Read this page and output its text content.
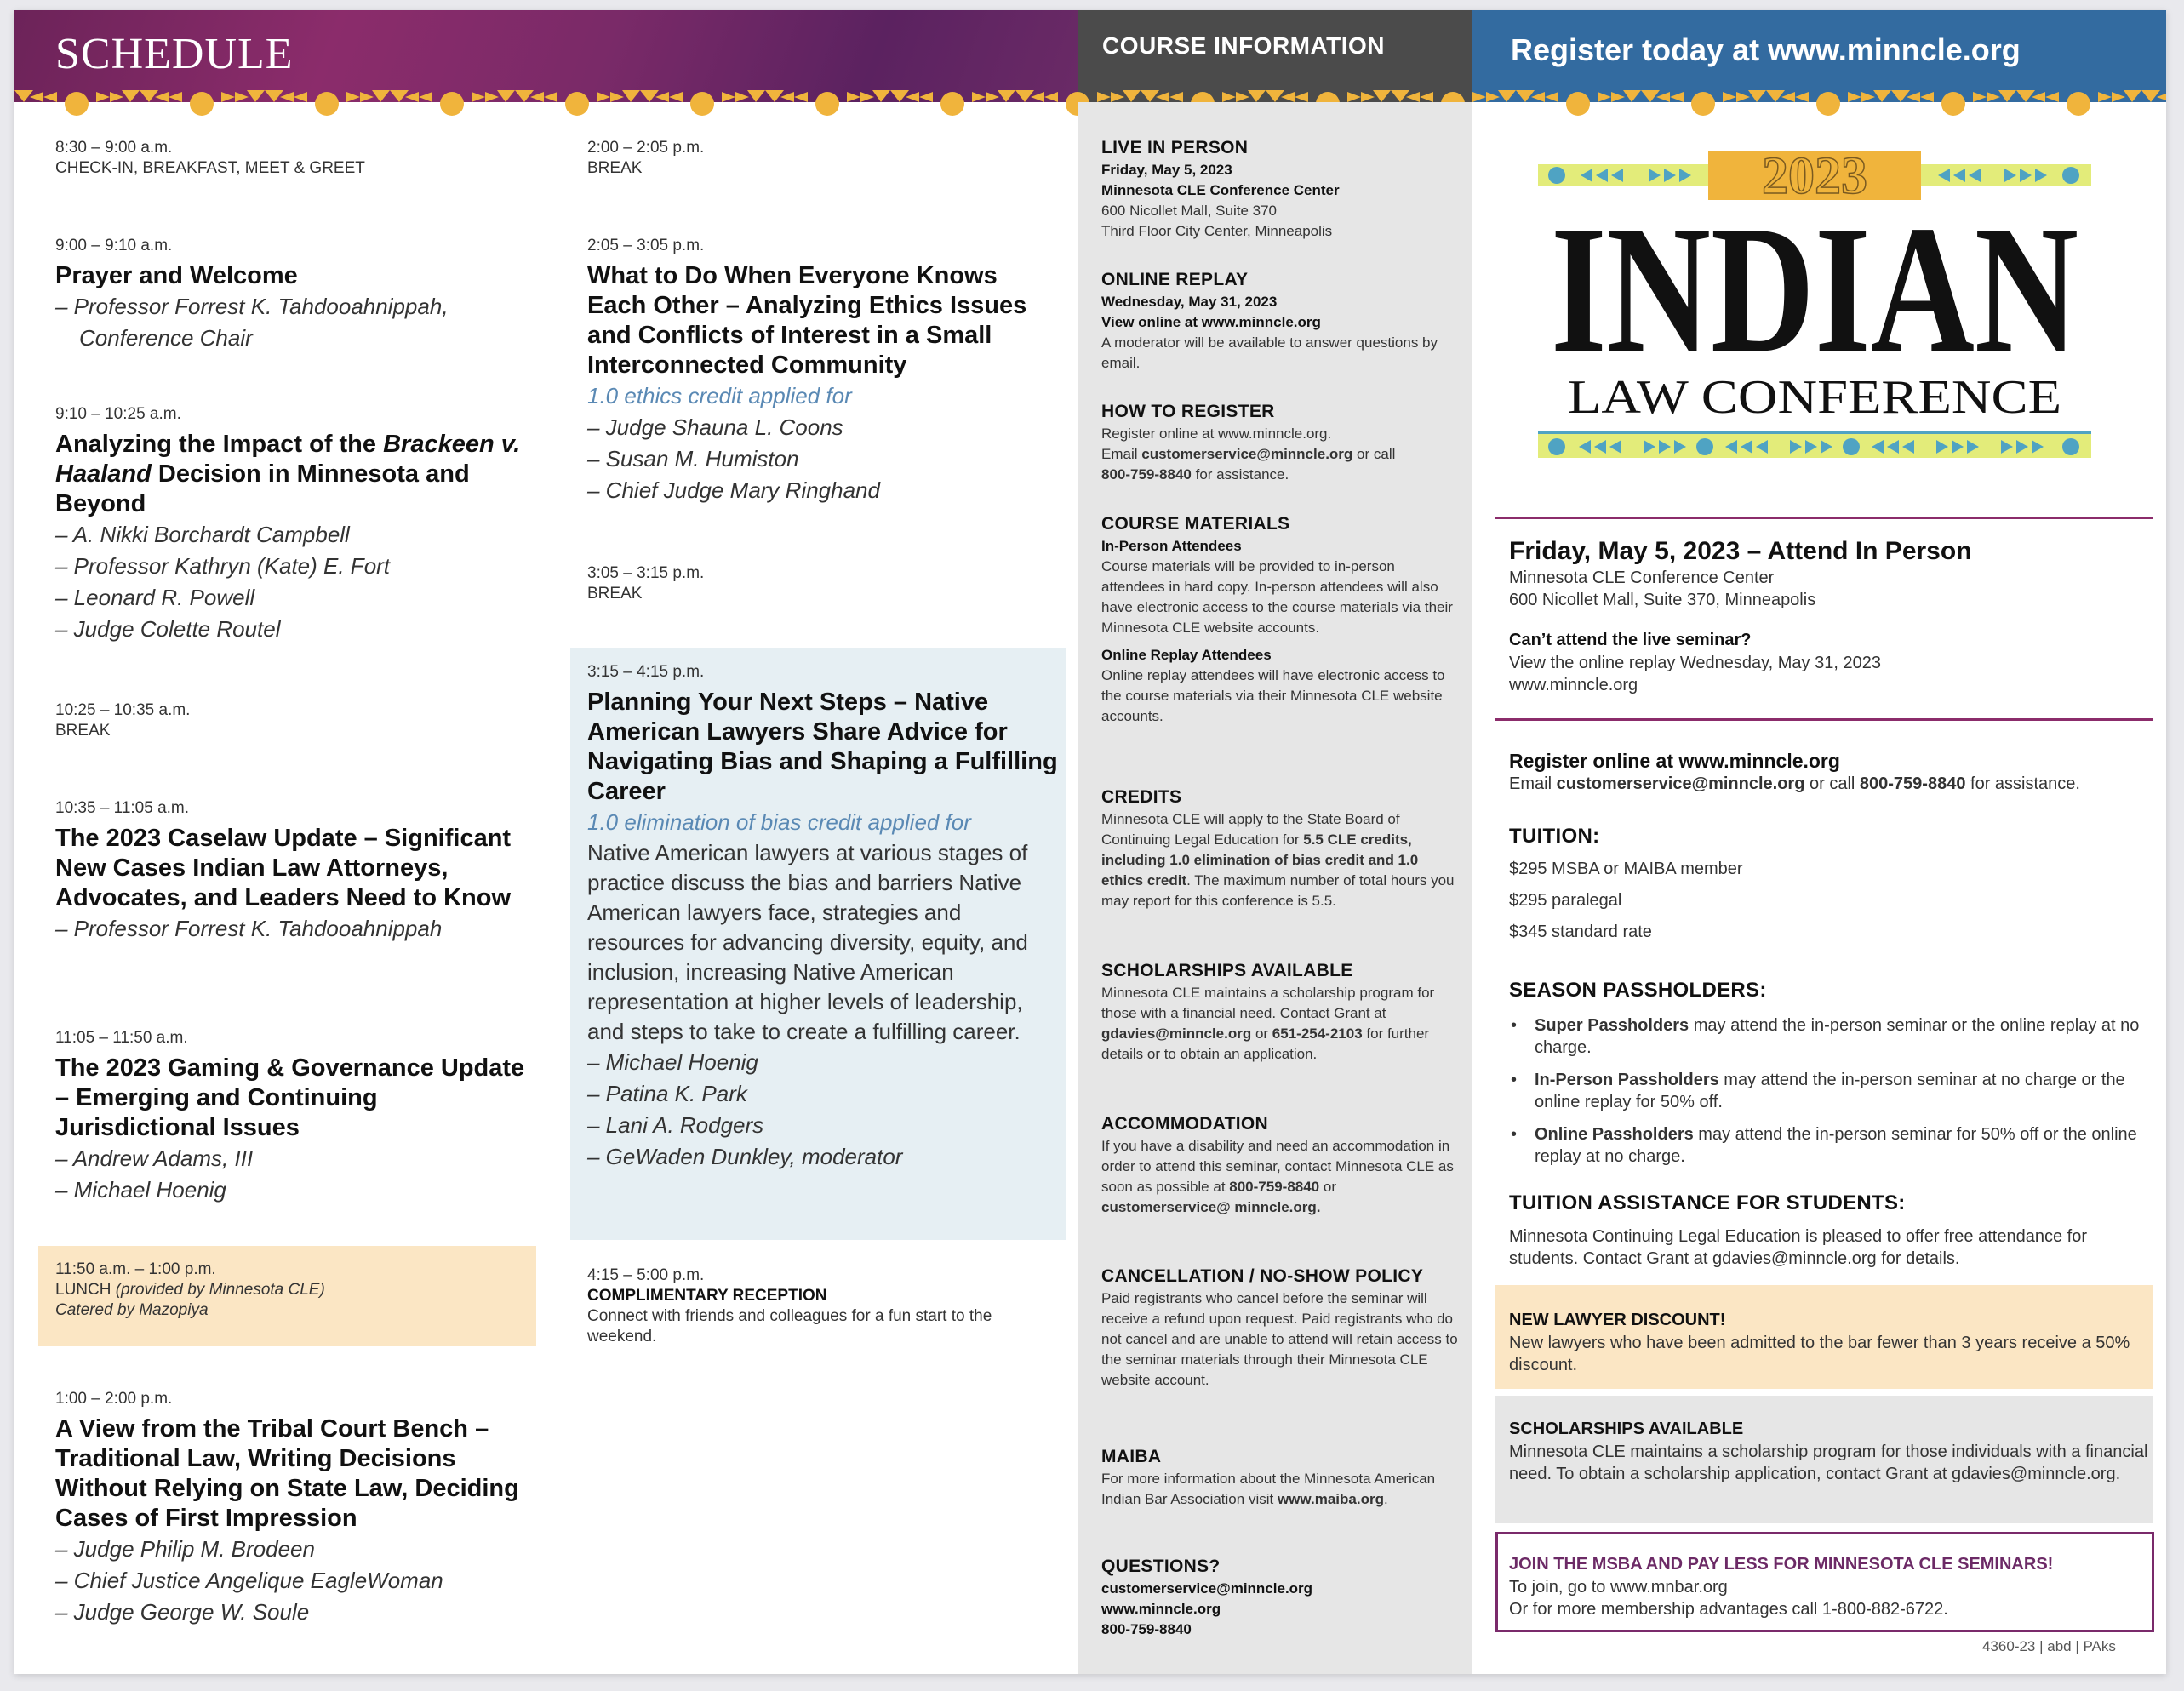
SCHEDULE	COURSE INFORMATION	Register today at www.minncle.org
8:30 – 9:00 a.m.
CHECK-IN, BREAKFAST, MEET & GREET
9:00 – 9:10 a.m.
Prayer and Welcome
– Professor Forrest K. Tahdooahnippah,
Conference Chair
9:10 – 10:25 a.m.
Analyzing the Impact of the Brackeen v. Haaland Decision in Minnesota and Beyond
– A. Nikki Borchardt Campbell
– Professor Kathryn (Kate) E. Fort
– Leonard R. Powell
– Judge Colette Routel
10:25 – 10:35 a.m.
BREAK
10:35 – 11:05 a.m.
The 2023 Caselaw Update – Significant New Cases Indian Law Attorneys, Advocates, and Leaders Need to Know
– Professor Forrest K. Tahdooahnippah
11:05 – 11:50 a.m.
The 2023 Gaming & Governance Update – Emerging and Continuing Jurisdictional Issues
– Andrew Adams, III
– Michael Hoenig
11:50 a.m. – 1:00 p.m.
LUNCH (provided by Minnesota CLE)
Catered by Mazopiya
1:00 – 2:00 p.m.
A View from the Tribal Court Bench – Traditional Law, Writing Decisions Without Relying on State Law, Deciding Cases of First Impression
– Judge Philip M. Brodeen
– Chief Justice Angelique EagleWoman
– Judge George W. Soule
2:00 – 2:05 p.m.
BREAK
2:05 – 3:05 p.m.
What to Do When Everyone Knows Each Other – Analyzing Ethics Issues and Conflicts of Interest in a Small Interconnected Community
1.0 ethics credit applied for
– Judge Shauna L. Coons
– Susan M. Humiston
– Chief Judge Mary Ringhand
3:05 – 3:15 p.m.
BREAK
3:15 – 4:15 p.m.
Planning Your Next Steps – Native American Lawyers Share Advice for Navigating Bias and Shaping a Fulfilling Career
1.0 elimination of bias credit applied for
Native American lawyers at various stages of practice discuss the bias and barriers Native American lawyers face, strategies and resources for advancing diversity, equity, and inclusion, increasing Native American representation at higher levels of leadership, and steps to take to create a fulfilling career.
– Michael Hoenig
– Patina K. Park
– Lani A. Rodgers
– GeWaden Dunkley, moderator
4:15 – 5:00 p.m.
COMPLIMENTARY RECEPTION
Connect with friends and colleagues for a fun start to the weekend.
LIVE IN PERSON
Friday, May 5, 2023
Minnesota CLE Conference Center
600 Nicollet Mall, Suite 370
Third Floor City Center, Minneapolis
ONLINE REPLAY
Wednesday, May 31, 2023
View online at www.minncle.org
A moderator will be available to answer questions by email.
HOW TO REGISTER
Register online at www.minncle.org.
Email customerservice@minncle.org or call
800-759-8840 for assistance.
COURSE MATERIALS
In-Person Attendees
Course materials will be provided to in-person attendees in hard copy. In-person attendees will also have electronic access to the course materials via their Minnesota CLE website accounts.
Online Replay Attendees
Online replay attendees will have electronic access to the course materials via their Minnesota CLE website accounts.
CREDITS
Minnesota CLE will apply to the State Board of Continuing Legal Education for 5.5 CLE credits, including 1.0 elimination of bias credit and 1.0 ethics credit. The maximum number of total hours you may report for this conference is 5.5.
SCHOLARSHIPS AVAILABLE
Minnesota CLE maintains a scholarship program for those with a financial need. Contact Grant at gdavies@minncle.org or 651-254-2103 for further details or to obtain an application.
ACCOMMODATION
If you have a disability and need an accommodation in order to attend this seminar, contact Minnesota CLE as soon as possible at 800-759-8840 or customerservice@ minncle.org.
CANCELLATION / NO-SHOW POLICY
Paid registrants who cancel before the seminar will receive a refund upon request. Paid registrants who do not cancel and are unable to attend will retain access to the seminar materials through their Minnesota CLE website account.
MAIBA
For more information about the Minnesota American Indian Bar Association visit www.maiba.org.
QUESTIONS?
customerservice@minncle.org
www.minncle.org
800-759-8840
2023
INDIAN
LAW CONFERENCE
Friday, May 5, 2023 – Attend In Person
Minnesota CLE Conference Center
600 Nicollet Mall, Suite 370, Minneapolis
Can’t attend the live seminar?
View the online replay Wednesday, May 31, 2023
www.minncle.org
Register online at www.minncle.org
Email customerservice@minncle.org or call 800-759-8840 for assistance.
TUITION:
$295 MSBA or MAIBA member
$295 paralegal
$345 standard rate
SEASON PASSHOLDERS:
• Super Passholders may attend the in-person seminar or the online replay at no charge.
• In-Person Passholders may attend the in-person seminar at no charge or the online replay for 50% off.
• Online Passholders may attend the in-person seminar for 50% off or the online replay at no charge.
TUITION ASSISTANCE FOR STUDENTS:
Minnesota Continuing Legal Education is pleased to offer free attendance for students. Contact Grant at gdavies@minncle.org for details.
NEW LAWYER DISCOUNT!
New lawyers who have been admitted to the bar fewer than 3 years receive a 50% discount.
SCHOLARSHIPS AVAILABLE
Minnesota CLE maintains a scholarship program for those individuals with a financial need. To obtain a scholarship application, contact Grant at gdavies@minncle.org.
JOIN THE MSBA AND PAY LESS FOR MINNESOTA CLE SEMINARS!
To join, go to www.mnbar.org
Or for more membership advantages call 1-800-882-6722.
4360-23 | abd | PAks
